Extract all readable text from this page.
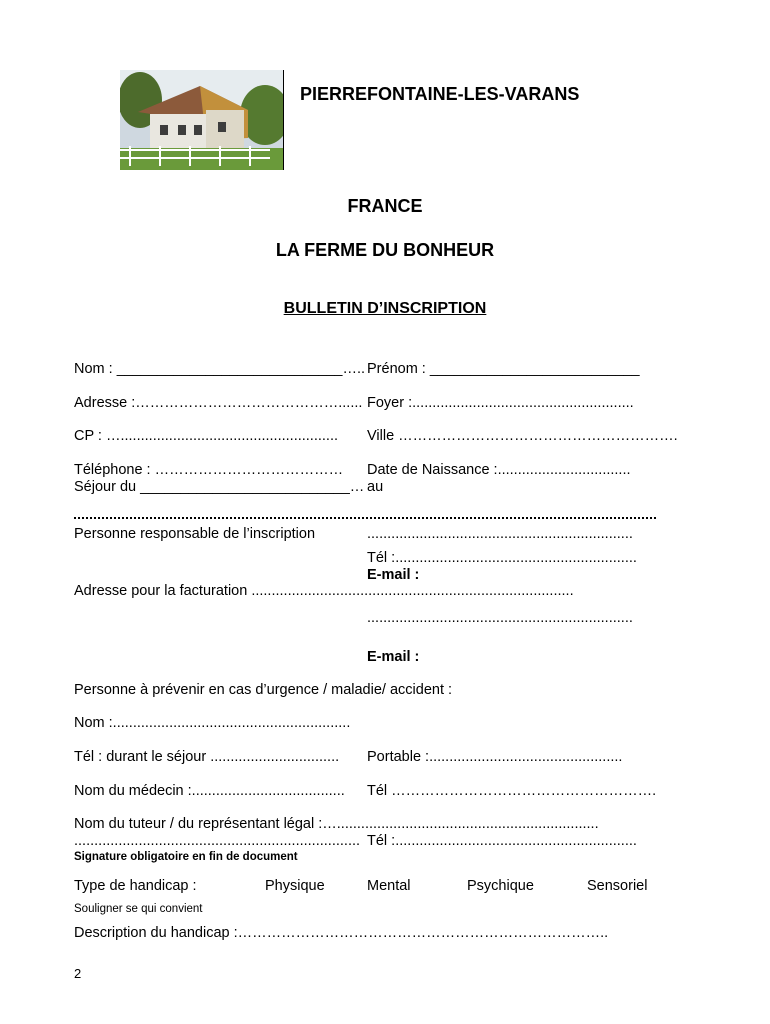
PIERREFONTAINE-LES-VARANS
FRANCE
LA FERME DU BONHEUR
BULLETIN D’INSCRIPTION
Nom : ____________________________….. Prénom : __________________________
Adresse :……………………………………...... Foyer :.......................................................
CP : …...................................................... Ville ………………………………………………….
Téléphone : ………………………………… Date de Naissance :.................................
Séjour du __________________________… au
Personne responsable de l’inscription	..................................................................
Tél :............................................................
E-mail :
Adresse pour la facturation ................................................................................
..................................................................
E-mail :
Personne à prévenir en cas d’urgence / maladie/ accident :
Nom :...........................................................
Tél : durant le séjour ................................ Portable :................................................
Nom du médecin :...................................... Tél ……………………………………………….
Nom du tuteur / du représentant légal :….................................................................
....................................................................... Tél :............................................................
Signature obligatoire en fin de document
Type de handicap :	Physique	Mental	Psychique	Sensoriel
Souligner se qui convient
Description du handicap :…………………………………………………………………..
2
